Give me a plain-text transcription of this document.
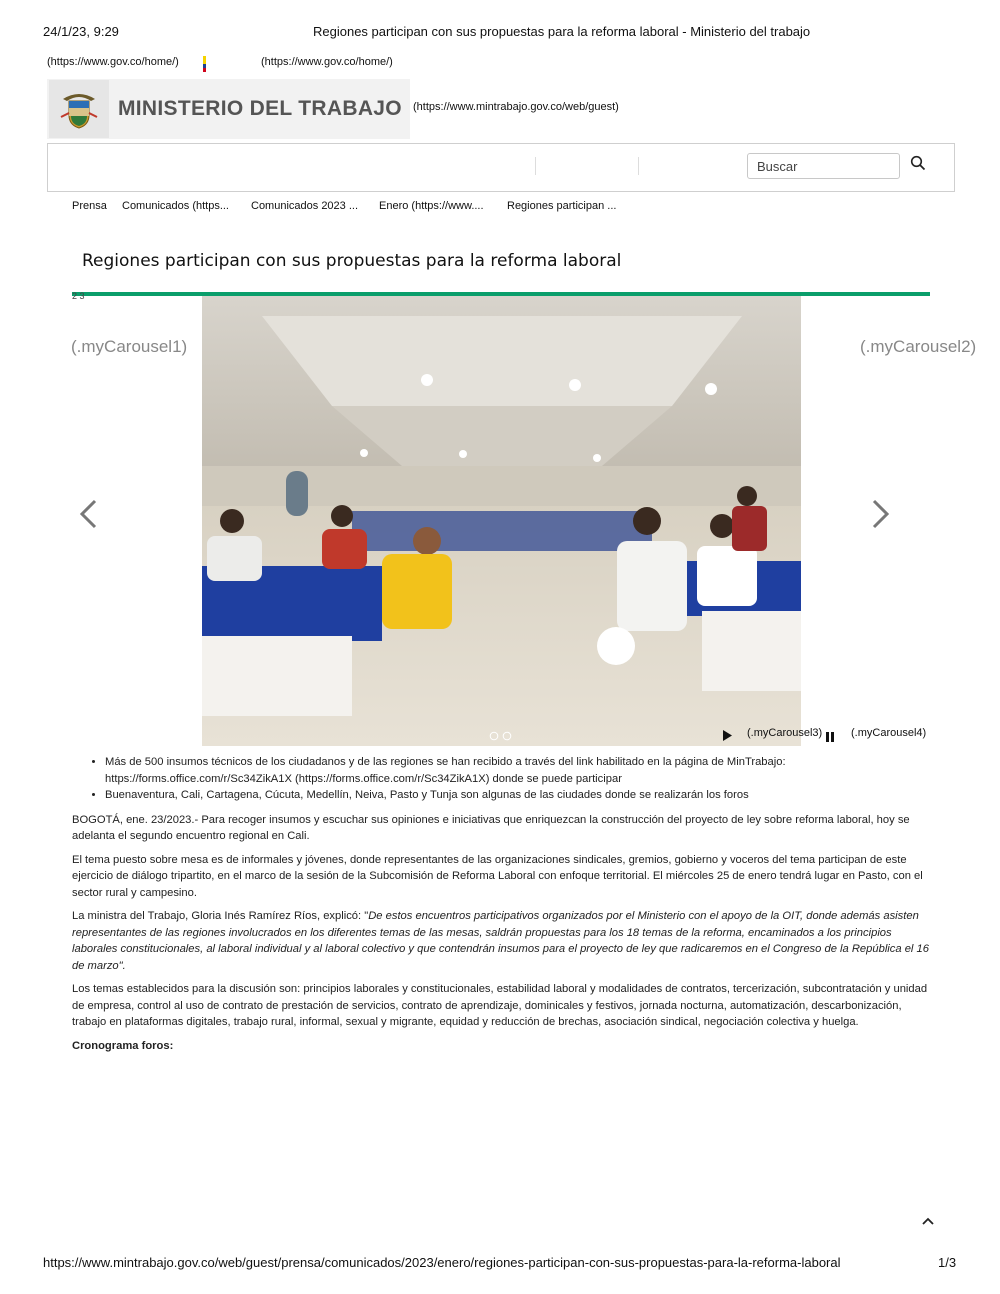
24/1/23, 9:29	Regiones participan con sus propuestas para la reforma laboral - Ministerio del trabajo
(https://www.gov.co/home/)	(https://www.gov.co/home/)
MINISTERIO DEL TRABAJO (https://www.mintrabajo.gov.co/web/guest)
Buscar
Prensa Comunicados (https... Comunicados 2023 ... Enero (https://www.... Regiones participan ...
Regiones participan con sus propuestas para la reforma laboral
2 3
(.myCarousel1)	(.myCarousel2)
(.myCarousel3)	(.myCarousel4)
• Más de 500 insumos técnicos de los ciudadanos y de las regiones se han recibido a través del link habilitado en la página de MinTrabajo: https://forms.office.com/r/Sc34ZikA1X (https://forms.office.com/r/Sc34ZikA1X) donde se puede participar
• Buenaventura, Cali, Cartagena, Cúcuta, Medellín, Neiva, Pasto y Tunja son algunas de las ciudades donde se realizarán los foros

BOGOTÁ, ene. 23/2023.- Para recoger insumos y escuchar sus opiniones e iniciativas que enriquezcan la construcción del proyecto de ley sobre reforma laboral, hoy se adelanta el segundo encuentro regional en Cali.

El tema puesto sobre mesa es de informales y jóvenes, donde representantes de las organizaciones sindicales, gremios, gobierno y voceros del tema participan de este ejercicio de diálogo tripartito, en el marco de la sesión de la Subcomisión de Reforma Laboral con enfoque territorial. El miércoles 25 de enero tendrá lugar en Pasto, con el sector rural y campesino.

La ministra del Trabajo, Gloria Inés Ramírez Ríos, explicó: "De estos encuentros participativos organizados por el Ministerio con el apoyo de la OIT, donde además asisten representantes de las regiones involucrados en los diferentes temas de las mesas, saldrán propuestas para los 18 temas de la reforma, encaminados a los principios laborales constitucionales, al laboral individual y al laboral colectivo y que contendrán insumos para el proyecto de ley que radicaremos en el Congreso de la República el 16 de marzo".

Los temas establecidos para la discusión son: principios laborales y constitucionales, estabilidad laboral y modalidades de contratos, tercerización, subcontratación y unidad de empresa, control al uso de contrato de prestación de servicios, contrato de aprendizaje, dominicales y festivos, jornada nocturna, automatización, descarbonización, trabajo en plataformas digitales, trabajo rural, informal, sexual y migrante, equidad y reducción de brechas, asociación sindical, negociación colectiva y huelga.

Cronograma foros:

https://www.mintrabajo.gov.co/web/guest/prensa/comunicados/2023/enero/regiones-participan-con-sus-propuestas-para-la-reforma-laboral	1/3
